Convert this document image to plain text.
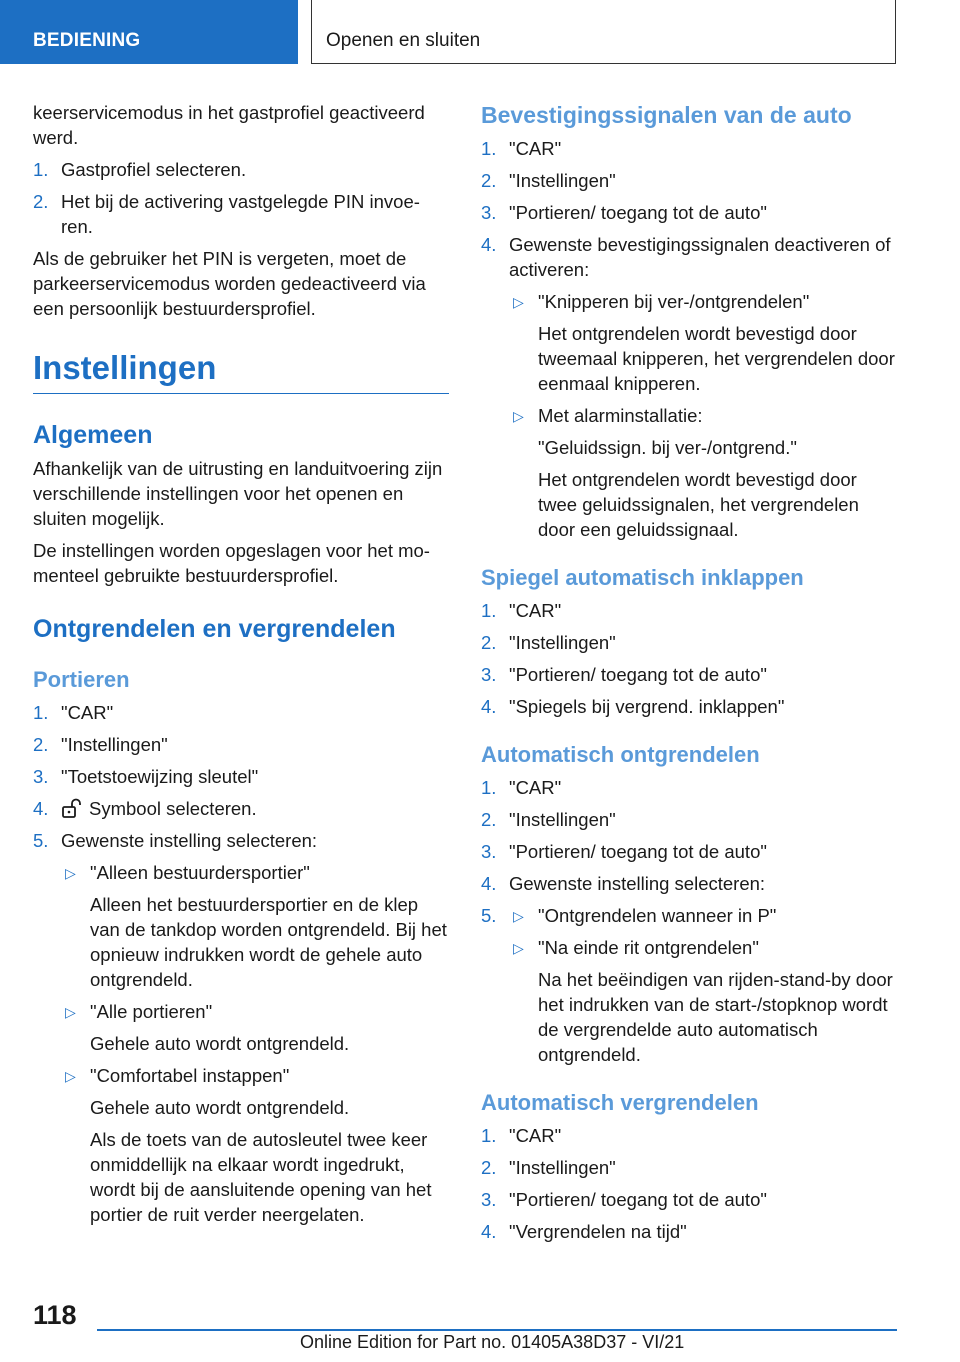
BEDIENING	Openen en sluiten

keerservicemodus in het gastprofiel geactiveerd werd.

1. Gastprofiel selecteren.
2. Het bij de activering vastgelegde PIN invoe-ren.

Als de gebruiker het PIN is vergeten, moet de parkeerservicemodus worden gedeactiveerd via een persoonlijk bestuurdersprofiel.

Instellingen
Algemeen

Afhankelijk van de uitrusting en landuitvoering zijn verschillende instellingen voor het openen en sluiten mogelijk.

De instellingen worden opgeslagen voor het mo-menteel gebruikte bestuurdersprofiel.

Ontgrendelen en vergrendelen
Portieren
1. "CAR"
2. "Instellingen"
3. "Toetstoewijzing sleutel"
4. Symbool selecteren.
5. Gewenste instelling selecteren:
▷ "Alleen bestuurdersportier"
Alleen het bestuurdersportier en de klep van de tankdop worden ontgrendeld. Bij het opnieuw indrukken wordt de gehele auto ontgrendeld.
▷ "Alle portieren"
Gehele auto wordt ontgrendeld.
▷ "Comfortabel instappen"
Gehele auto wordt ontgrendeld.
Als de toets van de autosleutel twee keer onmiddellijk na elkaar wordt ingedrukt, wordt bij de aansluitende opening van het portier de ruit verder neergelaten.
Bevestigingssignalen van de auto
1. "CAR"
2. "Instellingen"
3. "Portieren/ toegang tot de auto"
4. Gewenste bevestigingssignalen deactiveren of activeren:
▷ "Knipperen bij ver-/ontgrendelen"
Het ontgrendelen wordt bevestigd door tweemaal knipperen, het vergrendelen door eenmaal knipperen.
▷ Met alarminstallatie:
"Geluidssign. bij ver-/ontgrend."
Het ontgrendelen wordt bevestigd door twee geluidssignalen, het vergrendelen door een geluidssignaal.
Spiegel automatisch inklappen
1. "CAR"
2. "Instellingen"
3. "Portieren/ toegang tot de auto"
4. "Spiegels bij vergrend. inklappen"
Automatisch ontgrendelen
1. "CAR"
2. "Instellingen"
3. "Portieren/ toegang tot de auto"
4. Gewenste instelling selecteren:
5. ▷ "Ontgrendelen wanneer in P"
▷ "Na einde rit ontgrendelen"
Na het beëindigen van rijden-stand-by door het indrukken van de start-/stopknop wordt de vergrendelde auto automatisch ontgrendeld.
Automatisch vergrendelen
1. "CAR"
2. "Instellingen"
3. "Portieren/ toegang tot de auto"
4. "Vergrendelen na tijd"
118
Online Edition for Part no. 01405A38D37 - VI/21
